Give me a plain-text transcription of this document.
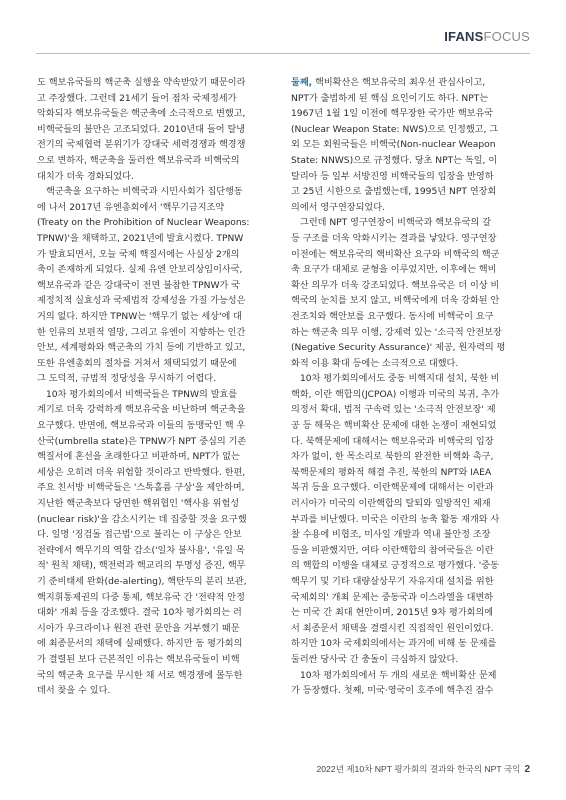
IFANSFOCUS
도 핵보유국들의 핵군축 실행을 약속받았기 때문이라
고 주장했다. 그런데 21세기 들어 점차 국제정세가
악화되자 핵보유국들은 핵군축에 소극적으로 변했고,
비핵국들의 불만은 고조되었다. 2010년대 들어 탈냉
전기의 국제협력 분위기가 강대국 세력경쟁과 핵경쟁
으로 변하자, 핵군축을 둘러싼 핵보유국과 비핵국의
대치가 더욱 경화되었다.
핵군축을 요구하는 비핵국과 시민사회가 집단행동
에 나서 2017년 유엔총회에서 '핵무기금지조약
(Treaty on the Prohibition of Nuclear Weapons:
TPNW)'을 채택하고, 2021년에 발효시켰다. TPNW
가 발효되면서, 오늘 국제 핵질서에는 사실상 2개의
축이 존재하게 되었다. 실제 유엔 안보리상임이사국,
핵보유국과 같은 강대국이 전면 불참한 TPNW가 국
제정치적 실효성과 국제법적 강제성을 가질 가능성은
거의 없다. 하지만 TPNW는 '핵무기 없는 세상'에 대
한 인류의 보편적 열망, 그리고 유엔이 지향하는 인간
안보, 세계평화와 핵군축의 가치 등에 기반하고 있고,
또한 유엔총회의 절차를 거쳐서 채택되었기 때문에
그 도덕적, 규범적 정당성을 무시하기 어렵다.
10차 평가회의에서 비핵국들은 TPNW의 발효를
계기로 더욱 강력하게 핵보유국을 비난하며 핵군축을
요구했다. 반면에, 핵보유국과 이들의 동맹국인 핵 우
산국(umbrella state)은 TPNW가 NPT 중심의 기존
핵질서에 혼선을 초래한다고 비판하며, NPT가 없는
세상은 오히려 더욱 위험할 것이라고 반박했다. 한편,
주요 친서방 비핵국들은 '스톡홀름 구상'을 제안하며,
지난한 핵군축보다 당면한 핵위협인 '핵사용 위험성
(nuclear risk)'을 감소시키는 데 집중할 것을 요구했
다. 일명 '징검돌 접근법'으로 불리는 이 구상은 안보
전략에서 핵무기의 역할 감소('일차 불사용', '유일 목
적' 원칙 채택), 핵전력과 핵교리의 투명성 증진, 핵무
기 준비태세 완화(de-alerting), 핵탄두의 분리 보관,
핵지휘통제권의 다중 통제, 핵보유국 간 '전략적 안정
대화' 개최 등을 강조했다. 결국 10차 평가회의는 러
시아가 우크라이나 원전 관련 문안을 거부했기 때문
에 최종문서의 채택에 실패했다. 하지만 동 평가회의
가 결렬된 보다 근본적인 이유는 핵보유국들이 비핵
국의 핵군축 요구를 무시한 채 서로 핵경쟁에 몰두한
데서 찾을 수 있다.
둘째, 핵비확산은 핵보유국의 최우선 관심사이고,
NPT가 출범하게 된 핵심 요인이기도 하다. NPT는
1967년 1월 1일 이전에 핵무장한 국가만 핵보유국
(Nuclear Weapon State: NWS)으로 인정했고, 그
외 모든 회원국들은 비핵국(Non-nuclear Weapon
State: NNWS)으로 규정했다. 당초 NPT는 독일, 이
탈리아 등 일부 서방진영 비핵국들의 입장을 반영하
고 25년 시한으로 출범했는데, 1995년 NPT 연장회
의에서 영구연장되었다.
그런데 NPT 영구연장이 비핵국과 핵보유국의 갈
등 구조를 더욱 악화시키는 결과를 낳았다. 영구연장
이전에는 핵보유국의 핵비확산 요구와 비핵국의 핵군
축 요구가 대체로 균형을 이루었지만, 이후에는 핵비
확산 의무가 더욱 강조되었다. 핵보유국은 더 이상 비
핵국의 눈치를 보지 않고, 비핵국에게 더욱 강화된 안
전조치와 핵안보를 요구했다. 동시에 비핵국이 요구
하는 핵군축 의무 이행, 강제력 있는 '소극적 안전보장
(Negative Security Assurance)' 제공, 원자력의 평
화적 이용 확대 등에는 소극적으로 대했다.
10차 평가회의에서도 중동 비핵지대 설치, 북한 비
핵화, 이란 핵합의(JCPOA) 이행과 미국의 복귀, 추가
의정서 확대, 법적 구속력 있는 '소극적 안전보장' 제
공 등 해묵은 핵비확산 문제에 대한 논쟁이 재현되었
다. 북핵문제에 대해서는 핵보유국과 비핵국의 입장
차가 없이, 한 목소리로 북한의 완전한 비핵화 촉구,
북핵문제의 평화적 해결 추진, 북한의 NPT와 IAEA
복귀 등을 요구했다. 이란핵문제에 대해서는 이란과
러시아가 미국의 이란핵합의 탈퇴와 일방적인 제재
부과를 비난했다. 미국은 이란의 농축 활동 재개와 사
찰 수용에 비협조, 미사일 개발과 역내 불안정 조장
등을 비판했지만, 여타 이란핵합의 참여국들은 이란
의 핵합의 이행을 대체로 긍정적으로 평가했다. '중동
핵무기 및 기타 대량살상무기 자유지대 설치를 위한
국제회의' 개최 문제는 중동국과 이스라엘을 대변하
는 미국 간 최대 현안이며, 2015년 9차 평가회의에
서 최종문서 채택을 결렬시킨 직접적인 원인이었다.
하지만 10차 국제회의에서는 과거에 비해 동 문제를
둘러싼 당사국 간 충돌이 극심하지 않았다.
10차 평가회의에서 두 개의 새로운 핵비확산 문제
가 등장했다. 첫째, 미국·영국이 호주에 핵추진 잠수
2022년 제10차 NPT 평가회의 결과와 한국의 NPT 국익 2
